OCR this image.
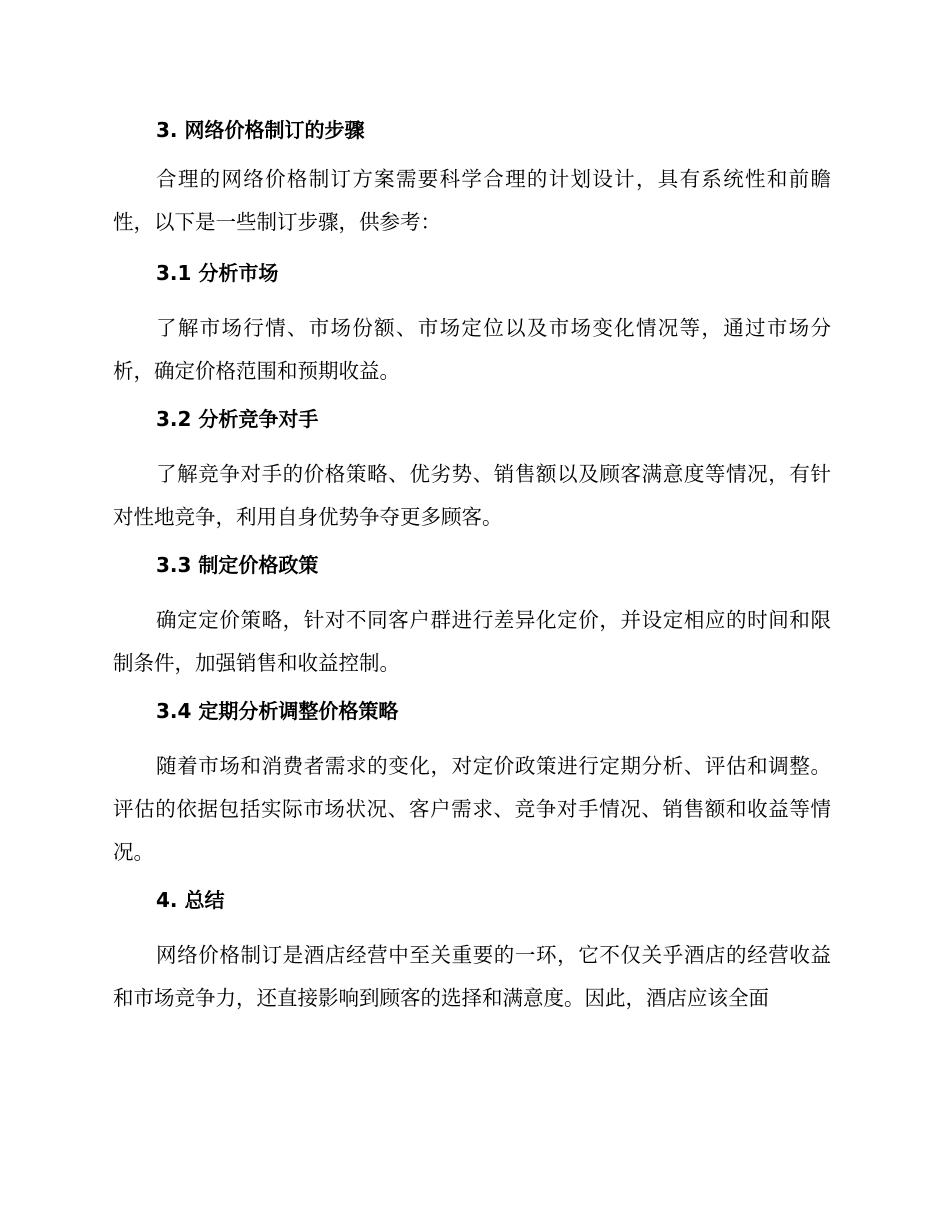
3. 网络价格制订的步骤

合理的网络价格制订方案需要科学合理的计划设计，具有系统性和前瞻性，以下是一些制订步骤，供参考：

3.1 分析市场

了解市场行情、市场份额、市场定位以及市场变化情况等，通过市场分析，确定价格范围和预期收益。

3.2 分析竞争对手

了解竞争对手的价格策略、优劣势、销售额以及顾客满意度等情况，有针对性地竞争，利用自身优势争夺更多顾客。

3.3 制定价格政策

确定定价策略，针对不同客户群进行差异化定价，并设定相应的时间和限制条件，加强销售和收益控制。

3.4 定期分析调整价格策略

随着市场和消费者需求的变化，对定价政策进行定期分析、评估和调整。评估的依据包括实际市场状况、客户需求、竞争对手情况、销售额和收益等情况。

4. 总结

网络价格制订是酒店经营中至关重要的一环，它不仅关乎酒店的经营收益和市场竞争力，还直接影响到顾客的选择和满意度。因此，酒店应该全面
